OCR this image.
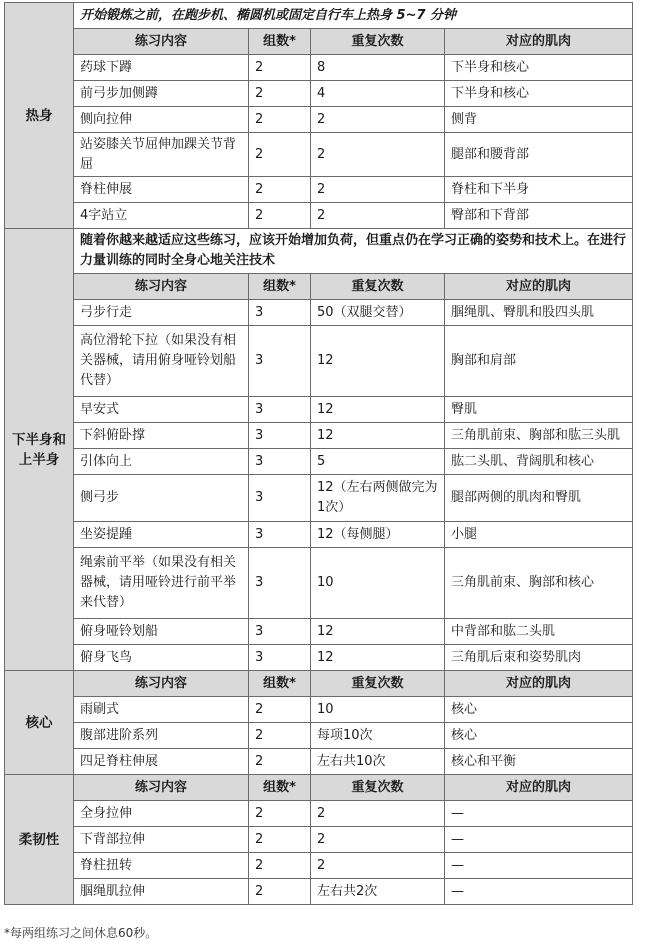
热身	开始锻炼之前，在跑步机、椭圆机或固定自行车上热身 5~7 分钟			
	练习内容	组数*	重复次数	对应的肌肉
	药球下蹲	2	8	下半身和核心
	前弓步加侧蹲	2	4	下半身和核心
	侧向拉伸	2	2	侧背
	站姿膝关节屈伸加踝关节背屈	2	2	腿部和腰背部
	脊柱伸展	2	2	脊柱和下半身
	4字站立	2	2	臀部和下背部
下半身和上半身	随着你越来越适应这些练习，应该开始增加负荷，但重点仍在学习正确的姿势和技术上。在进行力量训练的同时全身心地关注技术			
	练习内容	组数*	重复次数	对应的肌肉
	弓步行走	3	50（双腿交替）	腘绳肌、臀肌和股四头肌
	高位滑轮下拉（如果没有相关器械，请用俯身哑铃划船代替）	3	12	胸部和肩部
	早安式	3	12	臀肌
	下斜俯卧撑	3	12	三角肌前束、胸部和肱三头肌
	引体向上	3	5	肱二头肌、背阔肌和核心
	侧弓步	3	12（左右两侧做完为1次）	腿部两侧的肌肉和臀肌
	坐姿提踵	3	12（每侧腿）	小腿
	绳索前平举（如果没有相关器械，请用哑铃进行前平举来代替）	3	10	三角肌前束、胸部和核心
	俯身哑铃划船	3	12	中背部和肱二头肌
	俯身飞鸟	3	12	三角肌后束和姿势肌肉
核心	练习内容	组数*	重复次数	对应的肌肉
	雨刷式	2	10	核心
	腹部进阶系列	2	每项10次	核心
	四足脊柱伸展	2	左右共10次	核心和平衡
柔韧性	练习内容	组数*	重复次数	对应的肌肉
	全身拉伸	2	2	—
	下背部拉伸	2	2	—
	脊柱扭转	2	2	—
	腘绳肌拉伸	2	左右共2次	—
*每两组练习之间休息60秒。
